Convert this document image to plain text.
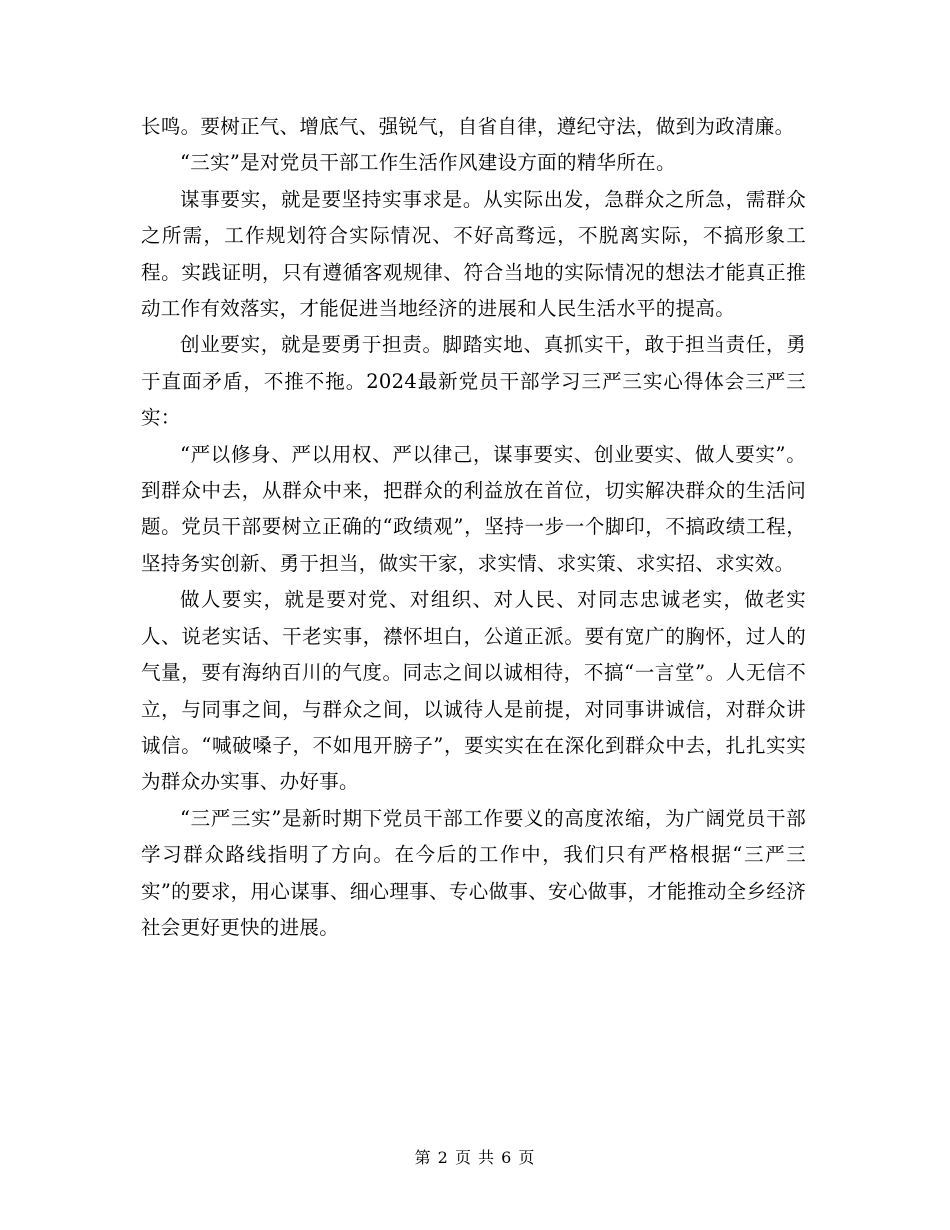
长鸣。要树正气、增底气、强锐气，自省自律，遵纪守法，做到为政清廉。

“三实”是对党员干部工作生活作风建设方面的精华所在。

谋事要实，就是要坚持实事求是。从实际出发，急群众之所急，需群众之所需，工作规划符合实际情况、不好高骛远，不脱离实际，不搞形象工程。实践证明，只有遵循客观规律、符合当地的实际情况的想法才能真正推动工作有效落实，才能促进当地经济的进展和人民生活水平的提高。

创业要实，就是要勇于担责。脚踏实地、真抓实干，敢于担当责任，勇于直面矛盾，不推不拖。2024最新党员干部学习三严三实心得体会三严三实：

“严以修身、严以用权、严以律己，谋事要实、创业要实、做人要实”。到群众中去，从群众中来，把群众的利益放在首位，切实解决群众的生活问题。党员干部要树立正确的“政绩观”，坚持一步一个脚印，不搞政绩工程，坚持务实创新、勇于担当，做实干家，求实情、求实策、求实招、求实效。

做人要实，就是要对党、对组织、对人民、对同志忠诚老实，做老实人、说老实话、干老实事，襟怀坦白，公道正派。要有宽广的胸怀，过人的气量，要有海纳百川的气度。同志之间以诚相待，不搞“一言堂”。人无信不立，与同事之间，与群众之间，以诚待人是前提，对同事讲诚信，对群众讲诚信。“喊破嗓子，不如甩开膀子”，要实实在在深化到群众中去，扎扎实实为群众办实事、办好事。

“三严三实”是新时期下党员干部工作要义的高度浓缩，为广阔党员干部学习群众路线指明了方向。在今后的工作中，我们只有严格根据“三严三实”的要求，用心谋事、细心理事、专心做事、安心做事，才能推动全乡经济社会更好更快的进展。

第 2 页 共 6 页
